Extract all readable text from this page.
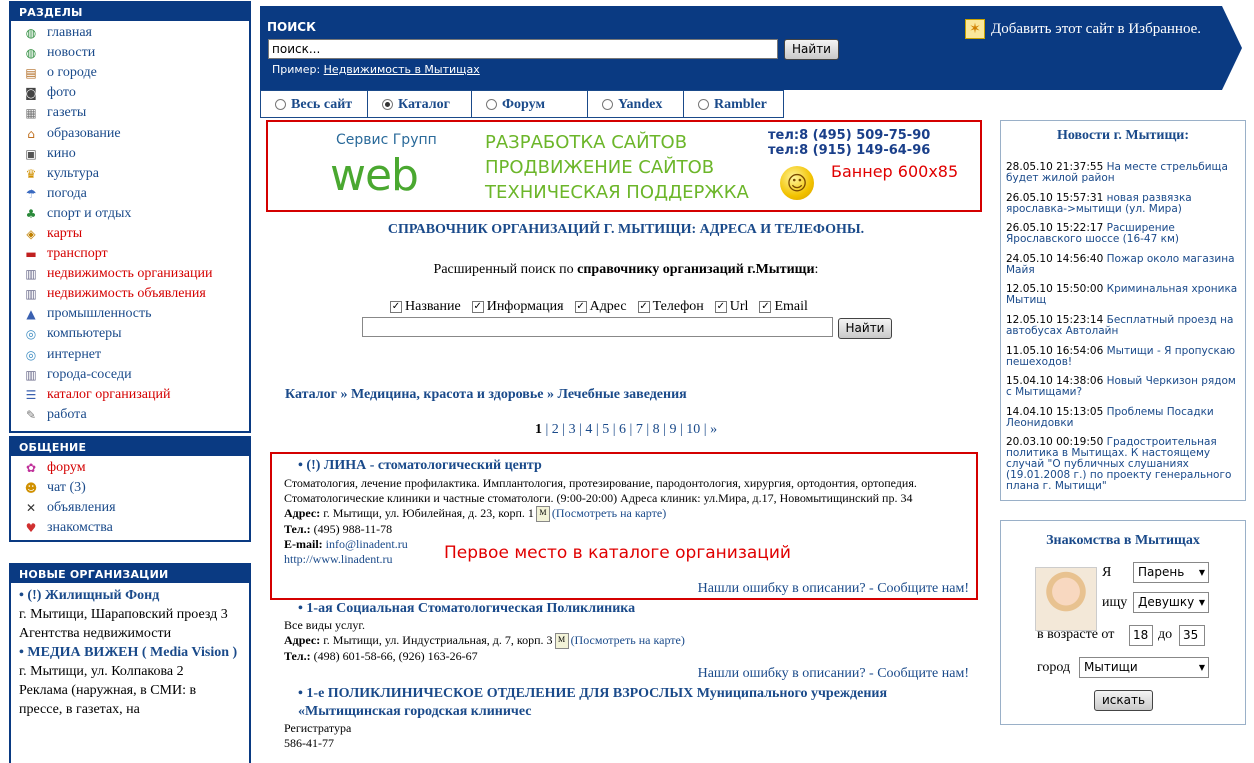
РАЗДЕЛЫ
◍ главная
◍ новости
▤ о городе
◙ фото
▦ газеты
⌂ образование
▣ кино
♛ культура
☂ погода
♣ спорт и отдых
◈ карты
▬ транспорт
▥ недвижимость организации
▥ недвижимость объявления
▲ промышленность
◎ компьютеры
◎ интернет
▥ города-соседи
☰ каталог организаций
✎ работа
ОБЩЕНИЕ
✿ форум
☻ чат (3)
✕ объявления
♥ знакомства
НОВЫЕ ОРГАНИЗАЦИИ
• (!) Жилищный Фонд
г. Мытищи, Шараповский проезд 3
Агентства недвижимости
• МЕДИА ВИЖЕН ( Media Vision )
г. Мытищи, ул. Колпакова 2
Реклама (наружная, в СМИ: в прессе, в газетах, на
ПОИСК
поиск...
Найти
Пример: Недвижимость в Мытищах
✶ Добавить этот сайт в Избранное.
Весь сайт	Каталог	Форум	Yandex	Rambler
Сервис Групп
web
РАЗРАБОТКА САЙТОВ
ПРОДВИЖЕНИЕ САЙТОВ
ТЕХНИЧЕСКАЯ ПОДДЕРЖКА
тел:8 (495) 509-75-90
тел:8 (915) 149-64-96
☺	Баннер 600х85
СПРАВОЧНИК ОРГАНИЗАЦИЙ Г. МЫТИЩИ: АДРЕСА И ТЕЛЕФОНЫ.
Расширенный поиск по справочнику организаций г.Мытищи:
✓ Название ✓ Информация ✓ Адрес ✓ Телефон ✓ Url ✓ Email
Найти
Каталог » Медицина, красота и здоровье » Лечебные заведения
1 | 2 | 3 | 4 | 5 | 6 | 7 | 8 | 9 | 10 | »
• (!) ЛИНА - стоматологический центр
Стоматология, лечение профилактика. Имплантология, протезирование, пародонтология, хирургия, ортодонтия, ортопедия. Стоматологические клиники и частные стоматологи. (9:00-20:00) Адреса клиник: ул.Мира, д.17, Новомытищинский пр. 34
Адрес: г. Мытищи, ул. Юбилейная, д. 23, корп. 1 M (Посмотреть на карте)
Тел.: (495) 988-11-78
E-mail: info@linadent.ru
http://www.linadent.ru
Нашли ошибку в описании? - Сообщите нам!
Первое место в каталоге организаций
• 1-ая Социальная Стоматологическая Поликлиника
Все виды услуг.
Адрес: г. Мытищи, ул. Индустриальная, д. 7, корп. 3 M (Посмотреть на карте)
Тел.: (498) 601-58-66, (926) 163-26-67
Нашли ошибку в описании? - Сообщите нам!
• 1-е ПОЛИКЛИНИЧЕСКОЕ ОТДЕЛЕНИЕ ДЛЯ ВЗРОСЛЫХ Муниципального учреждения «Мытищинская городская клиничес
Регистратура
586-41-77
Новости г. Мытищи:
28.05.10 21:37:55 На месте стрельбища будет жилой район
26.05.10 15:57:31 новая развязка ярославка->мытищи (ул. Мира)
26.05.10 15:22:17 Расширение Ярославского шоссе (16-47 км)
24.05.10 14:56:40 Пожар около магазина Майя
12.05.10 15:50:00 Криминальная хроника Мытищ
12.05.10 15:23:14 Бесплатный проезд на автобусах Автолайн
11.05.10 16:54:06 Мытищи - Я пропускаю пешеходов!
15.04.10 14:38:06 Новый Черкизон рядом с Мытищами?
14.04.10 15:13:05 Проблемы Посадки Леонидовки
20.03.10 00:19:50 Градостроительная политика в Мытищах. К настоящему случай "О публичных слушаниях (19.01.2008 г.) по проекту генерального плана г. Мытищи"
Знакомства в Мытищах
Я	Парень ▼
ищу Девушку ▼
в возрасте от	18 до 35
город	Мытищи ▼
искать
